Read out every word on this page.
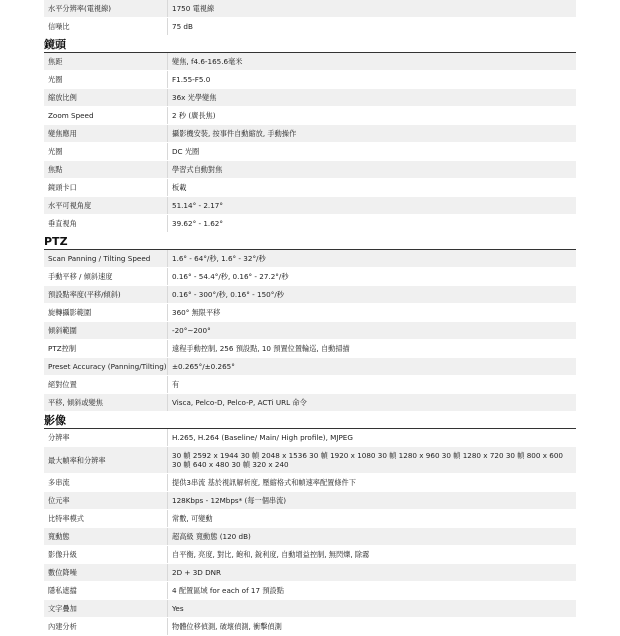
水平分辨率(電視線)	1750 電視線
信噪比	75 dB
鏡頭
焦距	變焦, f4.6-165.6毫米
光圈	F1.55-F5.0
縮放比例	36x 光學變焦
Zoom Speed	2 秒 (廣長焦)
變焦應用	攝影機安裝, 按事件自動縮放, 手動操作
光圈	DC 光圈
焦點	學習式自動對焦
鏡頭卡口	板載
水平可視角度	51.14° - 2.17°
垂直視角	39.62° - 1.62°
PTZ
Scan Panning / Tilting Speed	1.6° - 64°/秒, 1.6° - 32°/秒
手動平移 / 傾斜速度	0.16° - 54.4°/秒, 0.16° - 27.2°/秒
預設點率度(平移/傾斜)	0.16° - 300°/秒, 0.16° - 150°/秒
旋轉攝影範圍	360° 無限平移
傾斜範圍	-20°~200°
PTZ控制	遠程手動控制, 256 預設點, 10 預置位置輪巡, 自動掃描
Preset Accuracy (Panning/Tilting) ±0.265°/±0.265°
絕對位置	有
平移, 傾斜或變焦	Visca, Pelco-D, Pelco-P, ACTi URL 命令
影像
分辨率	H.265, H.264 (Baseline/ Main/ High profile), MJPEG
最大幀率和分辨率	30 幀 2592 x 1944 30 幀 2048 x 1536 30 幀 1920 x 1080 30 幀 1280 x 960 30 幀 1280 x 720 30 幀 800 x 600 30 幀 640 x 480 30 幀 320 x 240
多串流	提供3串流 基於視訊解析度, 壓縮格式和幀速率配置條件下
位元率	128Kbps - 12Mbps* (每一個串流)
比特率模式	常數, 可變動
寬動態	超高級 寬動態 (120 dB)
影像升級	自平衡, 亮度, 對比, 飽和, 銳利度, 自動增益控制, 無閃爍, 除霧
數位降噪	2D + 3D DNR
隱私遮擋	4 配置區域 for each of 17 預設點
文字疊加	Yes
內建分析	物體位移偵測, 破壞偵測, 衝擊偵測
